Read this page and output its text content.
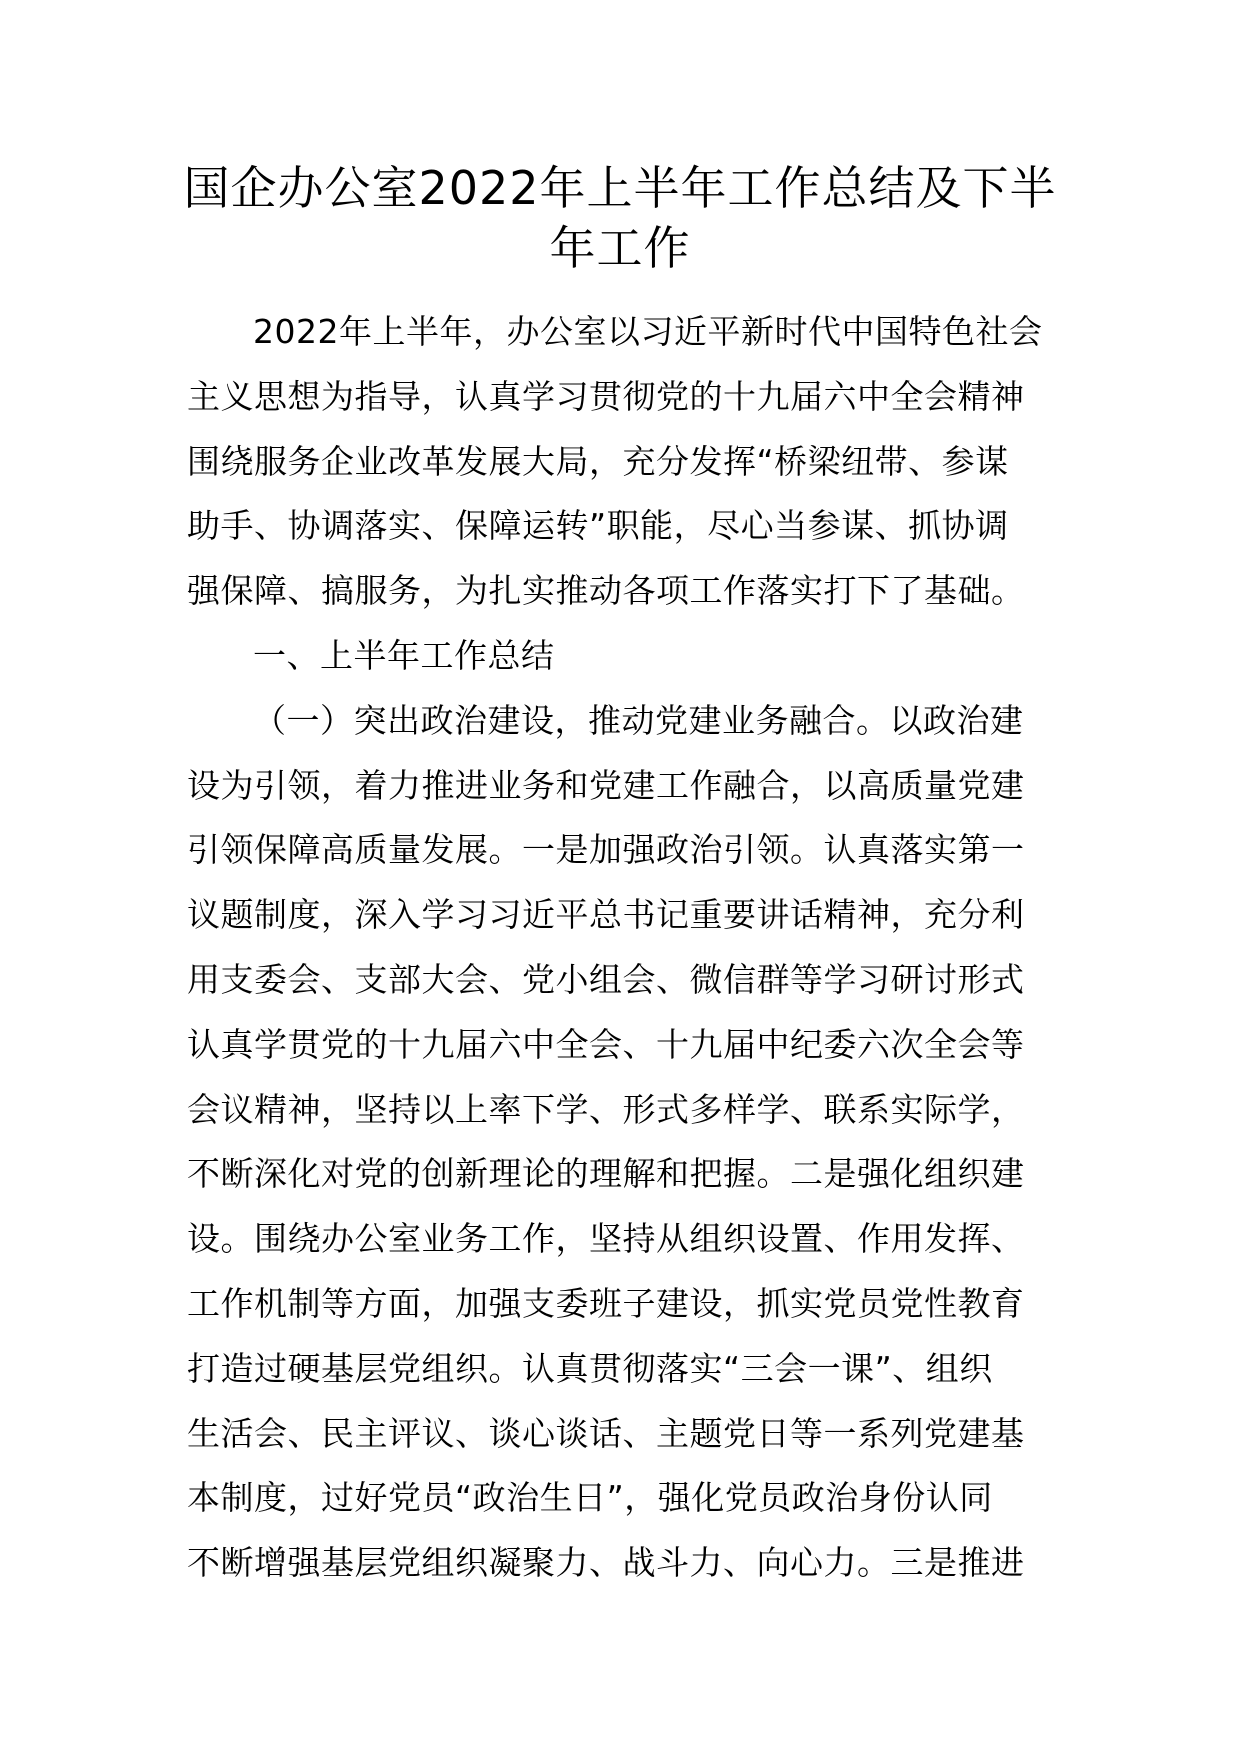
国企办公室2022年上半年工作总结及下半
年工作
2022年上半年，办公室以习近平新时代中国特色社会
主义思想为指导，认真学习贯彻党的十九届六中全会精神
围绕服务企业改革发展大局，充分发挥“桥梁纽带、参谋
助手、协调落实、保障运转”职能，尽心当参谋、抓协调
强保障、搞服务，为扎实推动各项工作落实打下了基础。
一、上半年工作总结
（一）突出政治建设，推动党建业务融合。以政治建
设为引领，着力推进业务和党建工作融合，以高质量党建
引领保障高质量发展。一是加强政治引领。认真落实第一
议题制度，深入学习习近平总书记重要讲话精神，充分利
用支委会、支部大会、党小组会、微信群等学习研讨形式
认真学贯党的十九届六中全会、十九届中纪委六次全会等
会议精神，坚持以上率下学、形式多样学、联系实际学，
不断深化对党的创新理论的理解和把握。二是强化组织建
设。围绕办公室业务工作，坚持从组织设置、作用发挥、
工作机制等方面，加强支委班子建设，抓实党员党性教育
打造过硬基层党组织。认真贯彻落实“三会一课”、组织
生活会、民主评议、谈心谈话、主题党日等一系列党建基
本制度，过好党员“政治生日”，强化党员政治身份认同
不断增强基层党组织凝聚力、战斗力、向心力。三是推进
